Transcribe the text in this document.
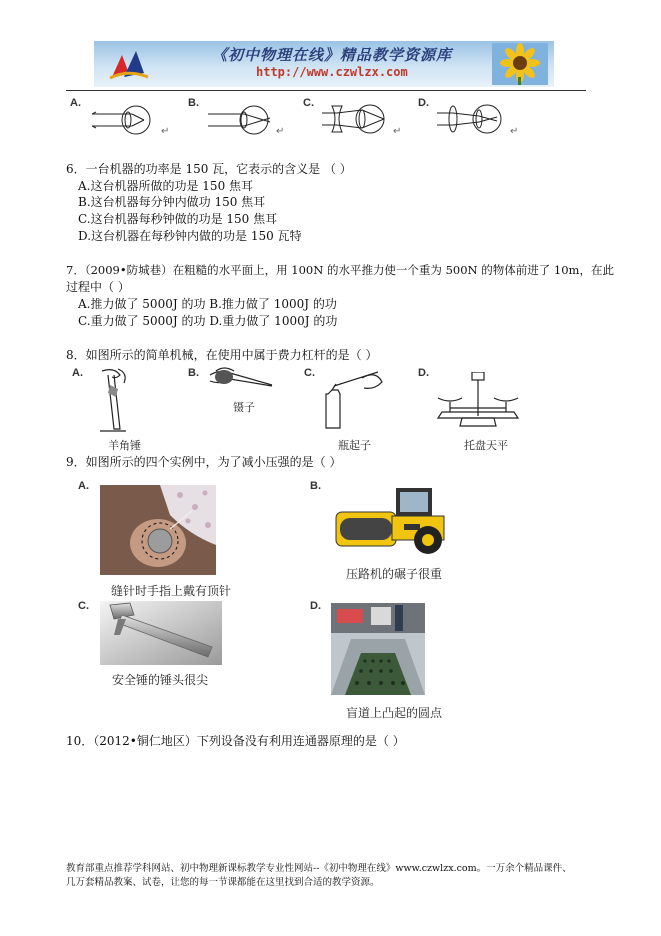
《初中物理在线》精品教学资源库
http://www.czwlzx.com
A.
↵
B.
↵
C.
↵
D.
↵
6．一台机器的功率是 150 瓦，它表示的含义是 （ ）
A.这台机器所做的功是 150 焦耳
B.这台机器每分钟内做功 150 焦耳
C.这台机器每秒钟做的功是 150 焦耳
D.这台机器在每秒钟内做的功是 150 瓦特
7．（2009•防城巷）在粗糙的水平面上，用 100N 的水平推力使一个重为 500N 的物体前进了 10m，在此
过程中（ ）
A.推力做了 5000J 的功 B.推力做了 1000J 的功
C.重力做了 5000J 的功 D.重力做了 1000J 的功
8．如图所示的简单机械，在使用中属于费力杠杆的是（ ）
A.
羊角锤
B.
镊子
C.
瓶起子
D.
托盘天平
9．如图所示的四个实例中，为了减小压强的是（ ）
A.
缝针时手指上戴有顶针
B.
压路机的碾子很重
C.
安全锤的锤头很尖
D.
盲道上凸起的圆点
10．（2012•铜仁地区）下列设备没有利用连通器原理的是（ ）
教育部重点推荐学科网站、初中物理新课标教学专业性网站--《初中物理在线》www.czwlzx.com。一万余个精品课件、
几万套精品教案、试卷，让您的每一节课都能在这里找到合适的教学资源。
